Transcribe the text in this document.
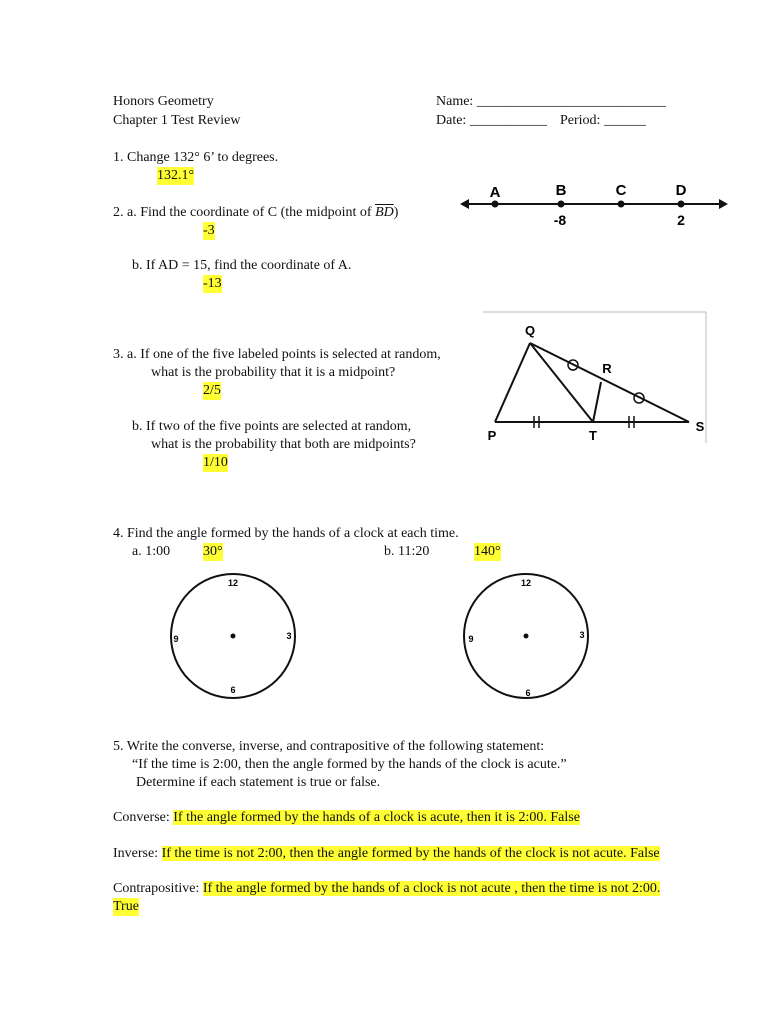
Honors Geometry
Chapter 1 Test Review
Name: ___________________________
Date: ___________ Period: ______
1. Change 132° 6’ to degrees.
132.1°
2. a. Find the coordinate of C (the midpoint of $\overline{BD}$)
-3
A	B	C	D
-8	2
b. If AD = 15, find the coordinate of A.
-13
3. a. If one of the five labeled points is selected at random,
what is the probability that it is a midpoint?
2/5
b. If two of the five points are selected at random,
what is the probability that both are midpoints?
1/10
Q
R
P	T
S
4. Find the angle formed by the hands of a clock at each time.
a. 1:00 30°	b. 11:20	140°
12
3
6
9
12
3
6
9
5. Write the converse, inverse, and contrapositive of the following statement:
“If the time is 2:00, then the angle formed by the hands of the clock is acute.”
Determine if each statement is true or false.
Converse: If the angle formed by the hands of a clock is acute, then it is 2:00. False
Inverse: If the time is not 2:00, then the angle formed by the hands of the clock is not acute. False
Contrapositive: If the angle formed by the hands of a clock is not acute , then the time is not 2:00.
True
